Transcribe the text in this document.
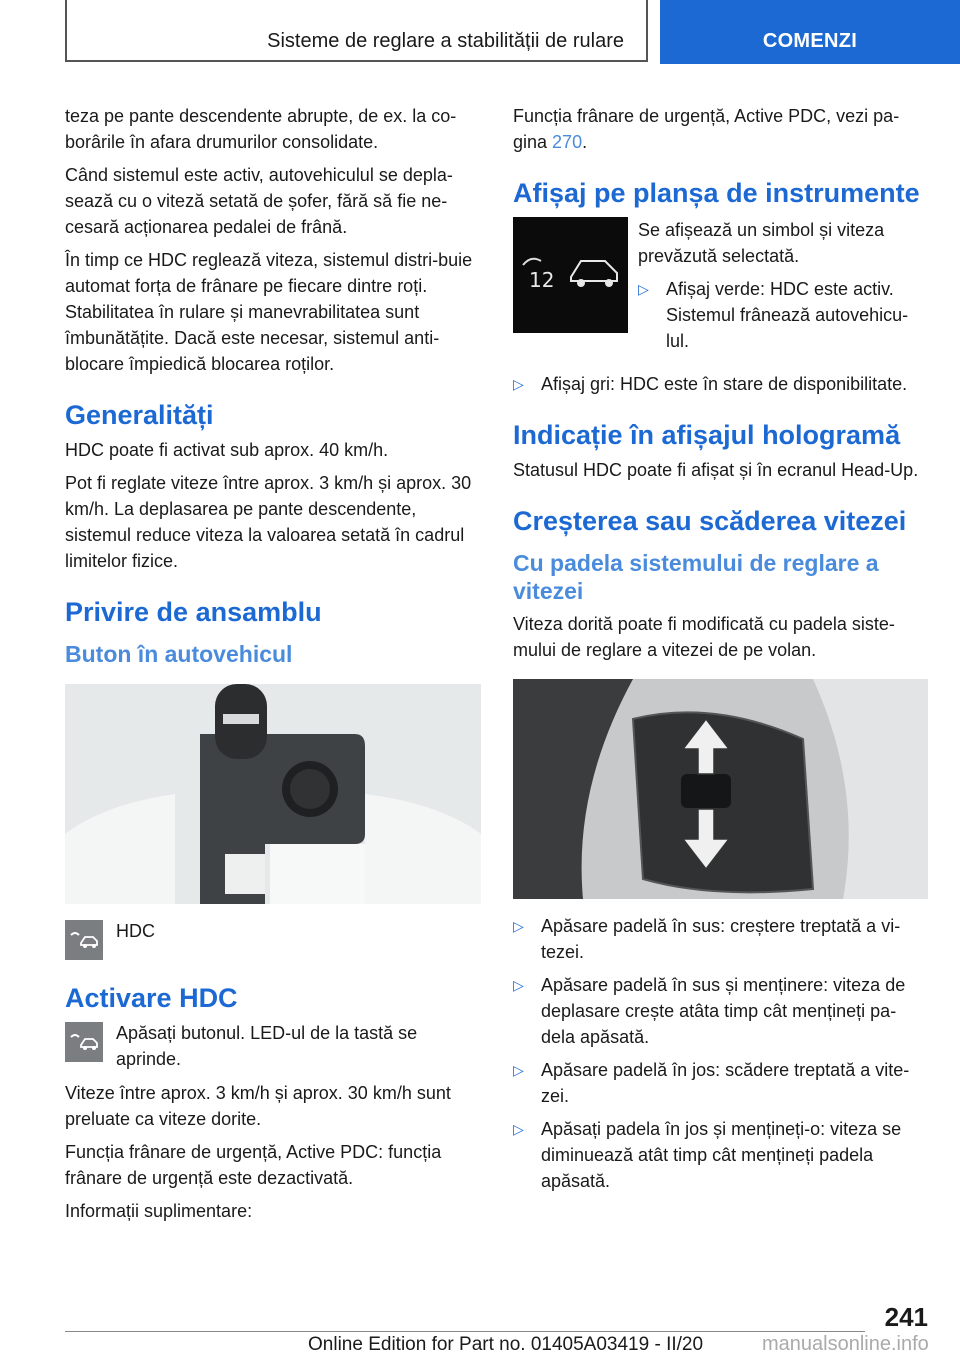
Sisteme de reglare a stabilității de rulare	COMENZI

teza pe pante descendente abrupte, de ex. la co-borârile în afara drumurilor consolidate.

Când sistemul este activ, autovehiculul se depla-sează cu o viteză setată de șofer, fără să fie ne-cesară acționarea pedalei de frână.

În timp ce HDC reglează viteza, sistemul distri-buie automat forța de frânare pe fiecare dintre roți. Stabilitatea în rulare și manevrabilitatea sunt îmbunătățite. Dacă este necesar, sistemul anti-blocare împiedică blocarea roților.

Generalități

HDC poate fi activat sub aprox. 40 km/h.

Pot fi reglate viteze între aprox. 3 km/h și aprox. 30 km/h. La deplasarea pe pante descendente, sistemul reduce viteza la valoarea setată în cadrul limitelor fizice.

Privire de ansamblu
Buton în autovehicul
HDC
Activare HDC
Apăsați butonul. LED-ul de la tastă se aprinde.

Viteze între aprox. 3 km/h și aprox. 30 km/h sunt preluate ca viteze dorite.

Funcția frânare de urgență, Active PDC: funcția frânare de urgență este dezactivată.

Informații suplimentare:

Funcția frânare de urgență, Active PDC, vezi pa-gina 270.

Afișaj pe planșa de instrumente
12

Se afișează un simbol și viteza prevăzută selectată.

▷ Afișaj verde: HDC este activ. Sistemul frânează autovehicu-lul.
▷ Afișaj gri: HDC este în stare de disponibilitate.
Indicație în afișajul hologramă

Statusul HDC poate fi afișat și în ecranul Head-Up.

Creșterea sau scăderea vitezei
Cu padela sistemului de reglare a vitezei

Viteza dorită poate fi modificată cu padela siste-mului de reglare a vitezei de pe volan.

▷ Apăsare padelă în sus: creștere treptată a vi-tezei.
▷ Apăsare padelă în sus și menținere: viteza de deplasare crește atâta timp cât mențineți pa-dela apăsată.
▷ Apăsare padelă în jos: scădere treptată a vite-zei.
▷ Apăsați padela în jos și mențineți-o: viteza se diminuează atât timp cât mențineți padela apăsată.
241
Online Edition for Part no. 01405A03419 - II/20	manualsonline.info
